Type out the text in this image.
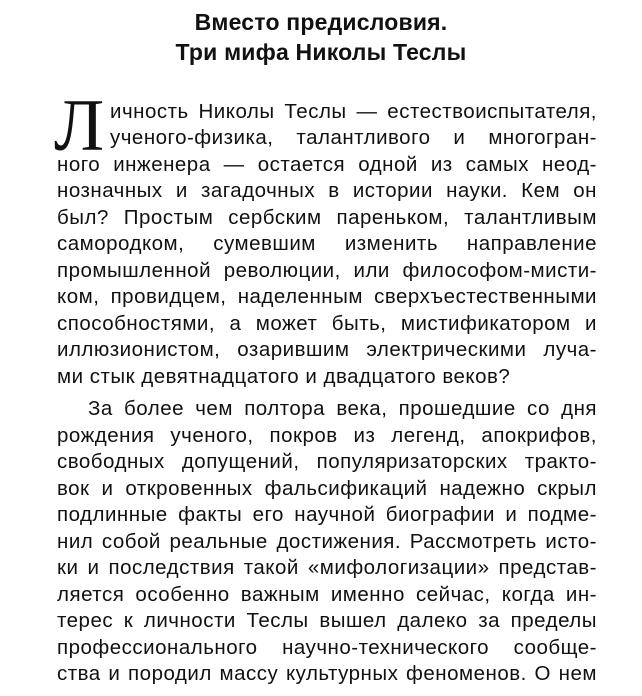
Вместо предисловия.
Три мифа Николы Теслы
Л ичность Николы Теслы — естествоиспытателя,

ученого-физика, талантливого и многогран-

ного инженера — остается одной из самых неод-

нозначных и загадочных в истории науки. Кем он

был? Простым сербским пареньком, талантливым

самородком, сумевшим изменить направление

промышленной революции, или философом-мисти-

ком, провидцем, наделенным сверхъестественными

способностями, а может быть, мистификатором и

иллюзионистом, озарившим электрическими луча-

ми стык девятнадцатого и двадцатого веков?

За более чем полтора века, прошедшие со дня

рождения ученого, покров из легенд, апокрифов,

свободных допущений, популяризаторских тракто-

вок и откровенных фальсификаций надежно скрыл

подлинные факты его научной биографии и подме-

нил собой реальные достижения. Рассмотреть исто-

ки и последствия такой «мифологизации» представ-

ляется особенно важным именно сейчас, когда ин-

терес к личности Теслы вышел далеко за пределы

профессионального научно-технического сообще-

ства и породил массу культурных феноменов. О нем
